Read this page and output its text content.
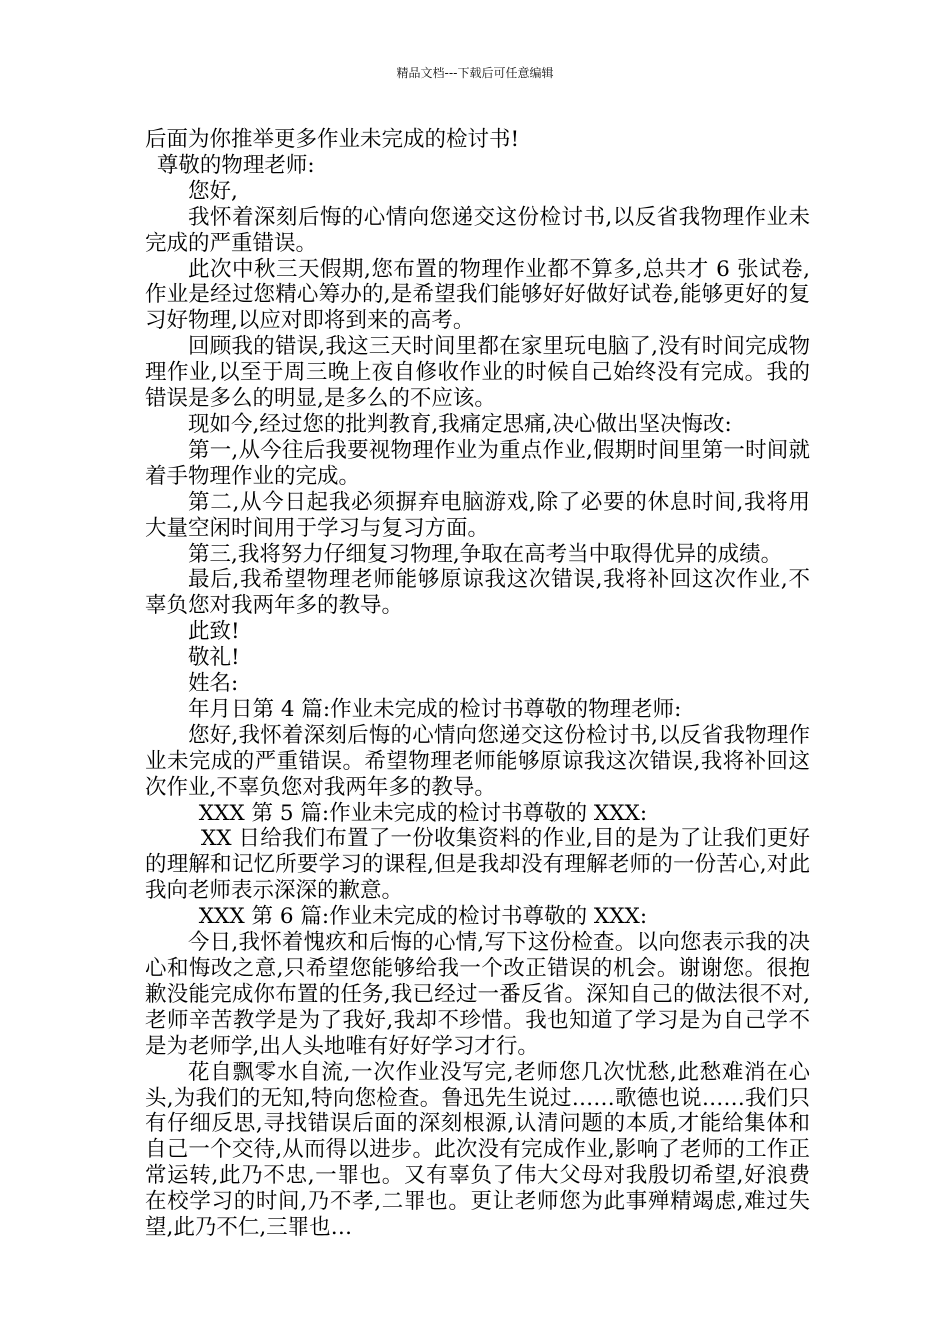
精品文档---下载后可任意编辑

后面为你推举更多作业未完成的检讨书!

尊敬的物理老师:

您好,

我怀着深刻后悔的心情向您递交这份检讨书,以反省我物理作业未完成的严重错误。

此次中秋三天假期,您布置的物理作业都不算多,总共才 6 张试卷,作业是经过您精心筹办的,是希望我们能够好好做好试卷,能够更好的复习好物理,以应对即将到来的高考。

回顾我的错误,我这三天时间里都在家里玩电脑了,没有时间完成物理作业,以至于周三晚上夜自修收作业的时候自己始终没有完成。我的错误是多么的明显,是多么的不应该。

现如今,经过您的批判教育,我痛定思痛,决心做出坚决悔改:

第一,从今往后我要视物理作业为重点作业,假期时间里第一时间就着手物理作业的完成。

第二,从今日起我必须摒弃电脑游戏,除了必要的休息时间,我将用大量空闲时间用于学习与复习方面。

第三,我将努力仔细复习物理,争取在高考当中取得优异的成绩。

最后,我希望物理老师能够原谅我这次错误,我将补回这次作业,不辜负您对我两年多的教导。

此致!

敬礼!

姓名:

年月日第 4 篇:作业未完成的检讨书尊敬的物理老师:

您好,我怀着深刻后悔的心情向您递交这份检讨书,以反省我物理作业未完成的严重错误。希望物理老师能够原谅我这次错误,我将补回这次作业,不辜负您对我两年多的教导。

XXX 第 5 篇:作业未完成的检讨书尊敬的 XXX:

XX 日给我们布置了一份收集资料的作业,目的是为了让我们更好的理解和记忆所要学习的课程,但是我却没有理解老师的一份苦心,对此我向老师表示深深的歉意。

XXX 第 6 篇:作业未完成的检讨书尊敬的 XXX:

今日,我怀着愧疚和后悔的心情,写下这份检查。以向您表示我的决心和悔改之意,只希望您能够给我一个改正错误的机会。谢谢您。很抱歉没能完成你布置的任务,我已经过一番反省。深知自己的做法很不对,老师辛苦教学是为了我好,我却不珍惜。我也知道了学习是为自己学不是为老师学,出人头地唯有好好学习才行。

花自飘零水自流,一次作业没写完,老师您几次忧愁,此愁难消在心头,为我们的无知,特向您检查。鲁迅先生说过……歌德也说……我们只有仔细反思,寻找错误后面的深刻根源,认清问题的本质,才能给集体和自己一个交待,从而得以进步。此次没有完成作业,影响了老师的工作正常运转,此乃不忠,一罪也。又有辜负了伟大父母对我殷切希望,好浪费在校学习的时间,乃不孝,二罪也。更让老师您为此事殚精竭虑,难过失望,此乃不仁,三罪也…
